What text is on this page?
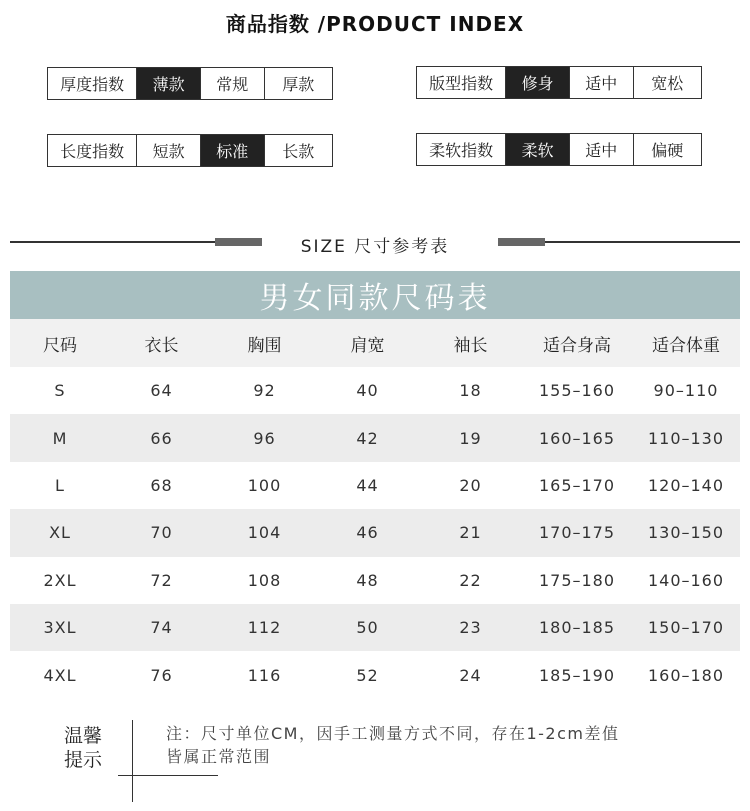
商品指数 /PRODUCT INDEX
厚度指数	薄款	常规	厚款	版型指数	修身	适中	宽松
长度指数	短款	标准	长款	柔软指数	柔软	适中	偏硬
SIZE 尺寸参考表
男女同款尺码表
尺码	衣长	胸围	肩宽	袖长	适合身高	适合体重
S	64	92	40	18	155–160	90–110
M	66	96	42	19	160–165	110–130
L	68	100	44	20	165–170	120–140
XL	70	104	46	21	170–175	130–150
2XL	72	108	48	22	175–180	140–160
3XL	74	112	50	23	180–185	150–170
4XL	76	116	52	24	185–190	160–180
温馨
提示
注：尺寸单位CM，因手工测量方式不同，存在1-2cm差值
皆属正常范围
